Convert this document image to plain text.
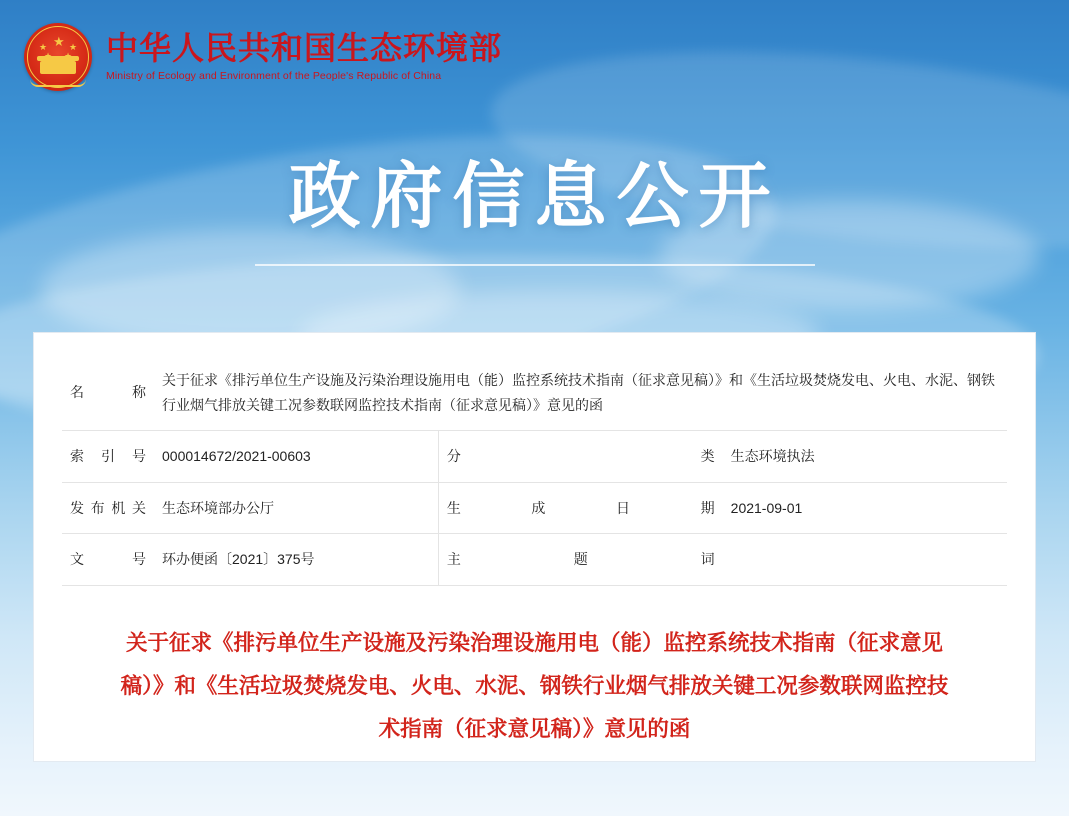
★
★ ★ 中华人民共和国生态环境部
Ministry of Ecology and Environment of the People's Republic of China
政府信息公开
名　　称	关于征求《排污单位生产设施及污染治理设施用电（能）监控系统技术指南（征求意见稿）》和《生活垃圾焚烧发电、火电、水泥、钢铁行业烟气排放关键工况参数联网监控技术指南（征求意见稿）》意见的函		
索 引 号	000014672/2021-00603	分　　类	生态环境执法
发布机关	生态环境部办公厅	生成日期	2021-09-01
文　　号	环办便函〔2021〕375号	主 题 词	
关于征求《排污单位生产设施及污染治理设施用电（能）监控系统技术指南（征求意见稿）》和《生活垃圾焚烧发电、火电、水泥、钢铁行业烟气排放关键工况参数联网监控技术指南（征求意见稿）》意见的函
